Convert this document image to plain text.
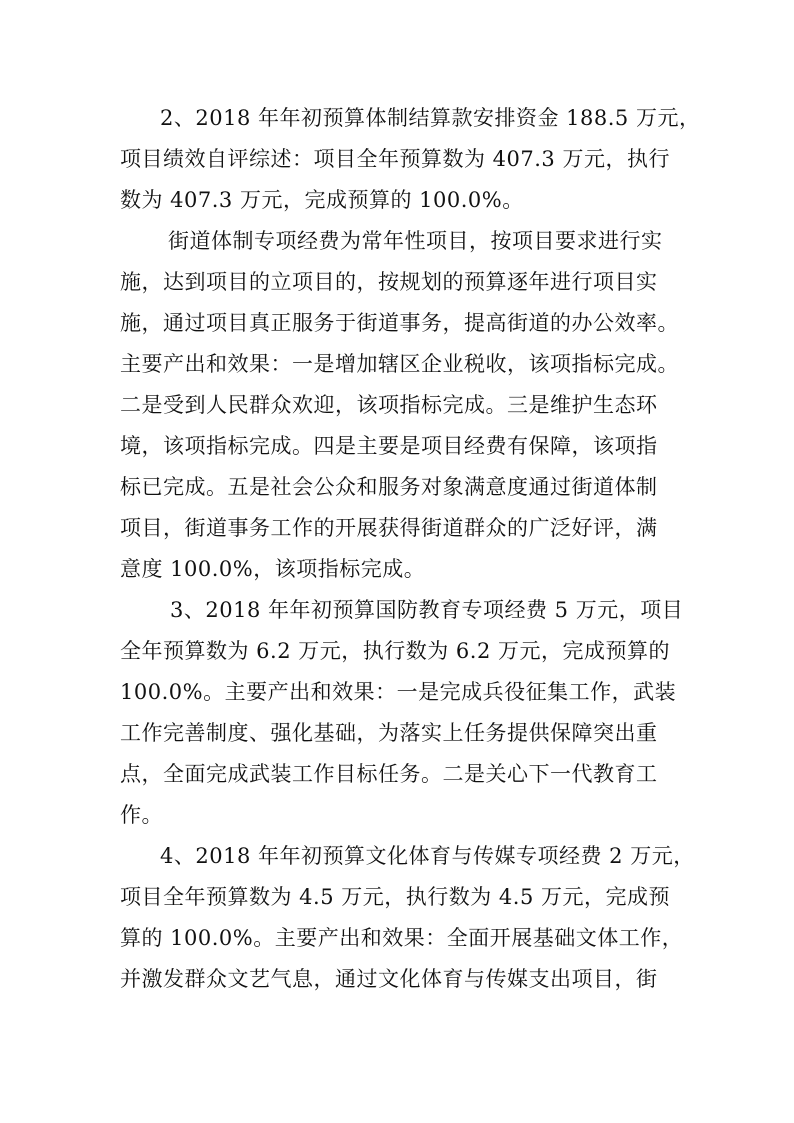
2、2018 年年初预算体制结算款安排资金 188.5 万元，
项目绩效自评综述：项目全年预算数为 407.3 万元，执行
数为 407.3 万元，完成预算的 100.0%。
街道体制专项经费为常年性项目，按项目要求进行实
施，达到项目的立项目的，按规划的预算逐年进行项目实
施，通过项目真正服务于街道事务，提高街道的办公效率。
主要产出和效果：一是增加辖区企业税收，该项指标完成。
二是受到人民群众欢迎，该项指标完成。三是维护生态环
境，该项指标完成。四是主要是项目经费有保障，该项指
标已完成。五是社会公众和服务对象满意度通过街道体制
项目，街道事务工作的开展获得街道群众的广泛好评，满
意度 100.0%，该项指标完成。
3、2018 年年初预算国防教育专项经费 5 万元，项目
全年预算数为 6.2 万元，执行数为 6.2 万元，完成预算的
100.0%。主要产出和效果：一是完成兵役征集工作，武装
工作完善制度、强化基础，为落实上任务提供保障突出重
点，全面完成武装工作目标任务。二是关心下一代教育工
作。
4、2018 年年初预算文化体育与传媒专项经费 2 万元，
项目全年预算数为 4.5 万元，执行数为 4.5 万元，完成预
算的 100.0%。主要产出和效果：全面开展基础文体工作，
并激发群众文艺气息，通过文化体育与传媒支出项目，街
